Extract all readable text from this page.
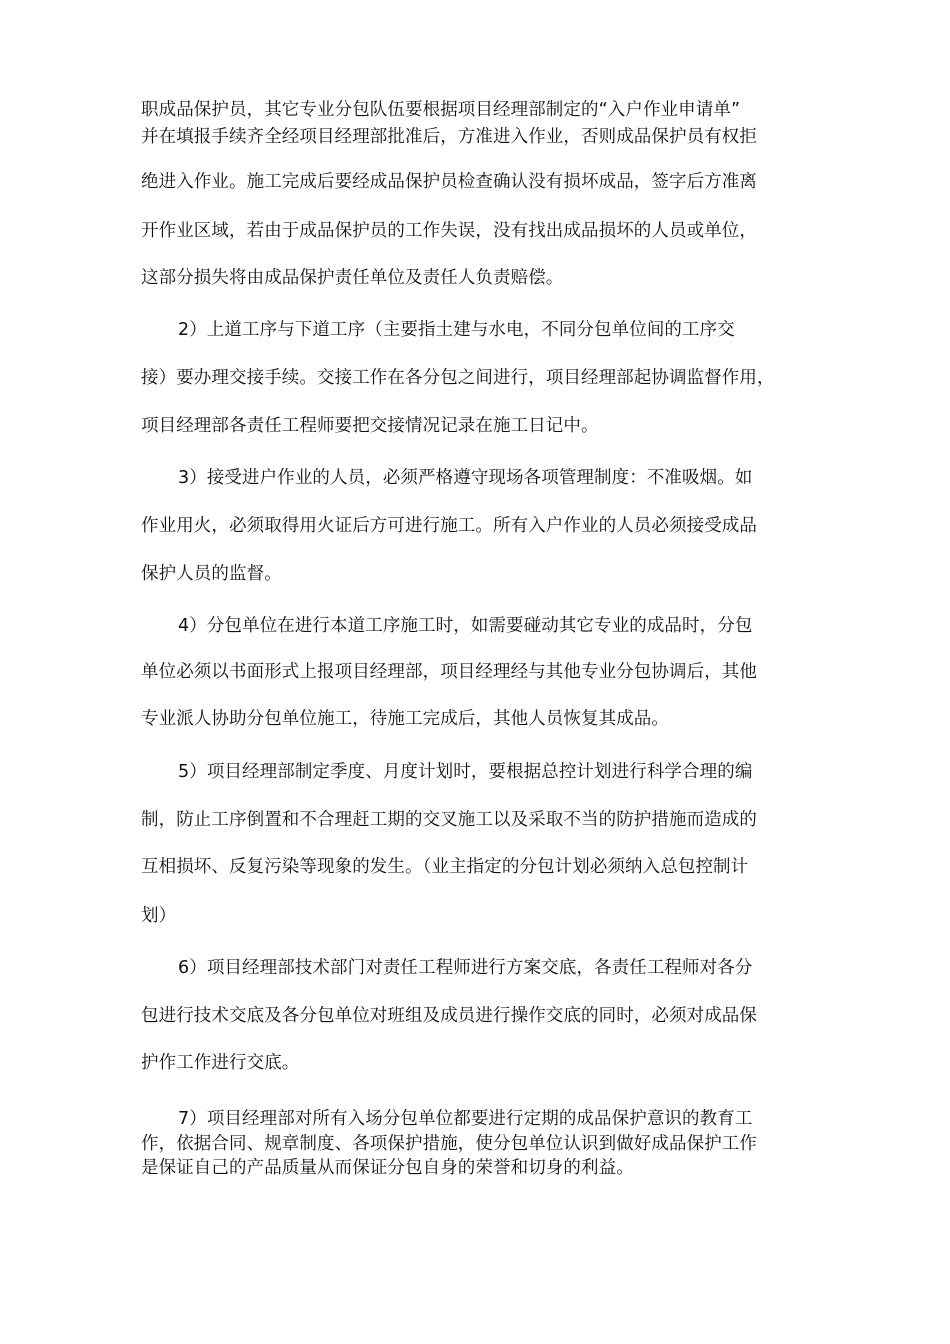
职成品保护员，其它专业分包队伍要根据项目经理部制定的“入户作业申请单”
并在填报手续齐全经项目经理部批准后，方准进入作业，否则成品保护员有权拒
绝进入作业。施工完成后要经成品保护员检查确认没有损坏成品，签字后方准离
开作业区域，若由于成品保护员的工作失误，没有找出成品损坏的人员或单位，
这部分损失将由成品保护责任单位及责任人负责赔偿。
2）上道工序与下道工序（主要指土建与水电，不同分包单位间的工序交
接）要办理交接手续。交接工作在各分包之间进行，项目经理部起协调监督作用，
项目经理部各责任工程师要把交接情况记录在施工日记中。
3）接受进户作业的人员，必须严格遵守现场各项管理制度：不准吸烟。如
作业用火，必须取得用火证后方可进行施工。所有入户作业的人员必须接受成品
保护人员的监督。
4）分包单位在进行本道工序施工时，如需要碰动其它专业的成品时，分包
单位必须以书面形式上报项目经理部，项目经理经与其他专业分包协调后，其他
专业派人协助分包单位施工，待施工完成后，其他人员恢复其成品。
5）项目经理部制定季度、月度计划时，要根据总控计划进行科学合理的编
制，防止工序倒置和不合理赶工期的交叉施工以及采取不当的防护措施而造成的
互相损坏、反复污染等现象的发生。（业主指定的分包计划必须纳入总包控制计
划）
6）项目经理部技术部门对责任工程师进行方案交底，各责任工程师对各分
包进行技术交底及各分包单位对班组及成员进行操作交底的同时，必须对成品保
护作工作进行交底。
7）项目经理部对所有入场分包单位都要进行定期的成品保护意识的教育工
作，依据合同、规章制度、各项保护措施，使分包单位认识到做好成品保护工作
是保证自己的产品质量从而保证分包自身的荣誉和切身的利益。
